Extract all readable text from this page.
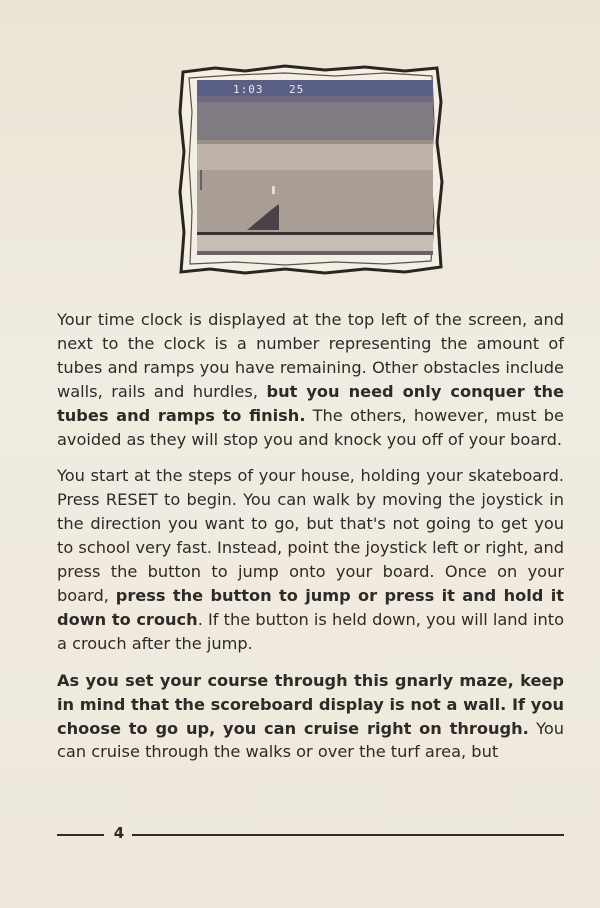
1:03 25

Your time clock is displayed at the top left of the screen, and next to the clock is a number representing the amount of tubes and ramps you have remaining. Other obstacles include walls, rails and hurdles, but you need only conquer the tubes and ramps to finish. The others, however, must be avoided as they will stop you and knock you off of your board.

You start at the steps of your house, holding your skateboard. Press RESET to begin. You can walk by moving the joystick in the direction you want to go, but that's not going to get you to school very fast. Instead, point the joystick left or right, and press the button to jump onto your board. Once on your board, press the button to jump or press it and hold it down to crouch. If the button is held down, you will land into a crouch after the jump.

As you set your course through this gnarly maze, keep in mind that the scoreboard display is not a wall. If you choose to go up, you can cruise right on through. You can cruise through the walks or over the turf area, but

4
